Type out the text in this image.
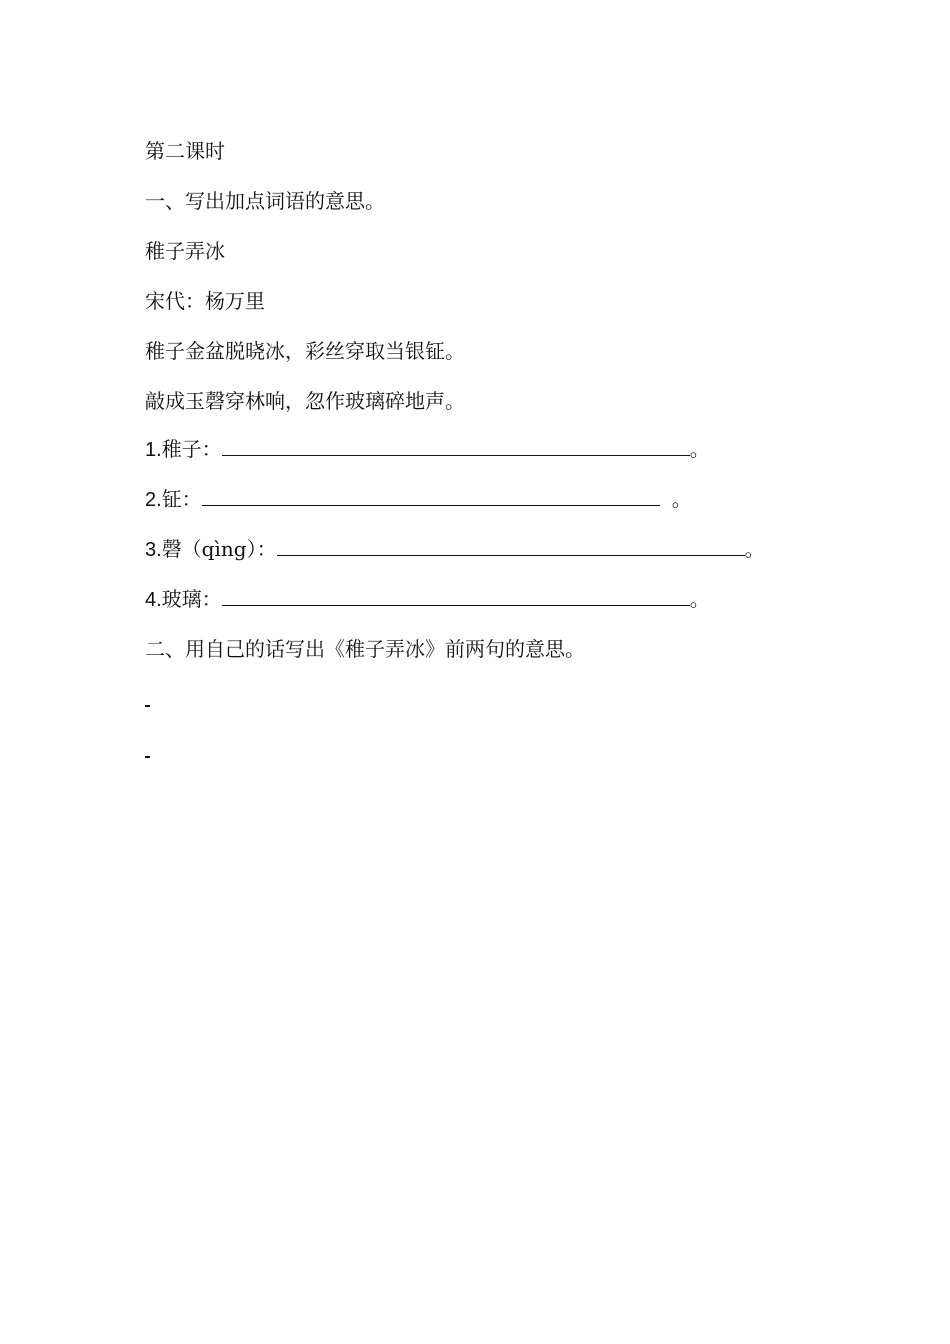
第二课时
一、写出加点词语的意思。
稚子弄冰
宋代：杨万里
稚子金盆脱晓冰，彩丝穿取当银钲。
敲成玉磬穿林响，忽作玻璃碎地声。
1.稚子：	。
2.钲：	。
3.磬（qìng）：	。
4.玻璃：	。
二、用自己的话写出《稚子弄冰》前两句的意思。
